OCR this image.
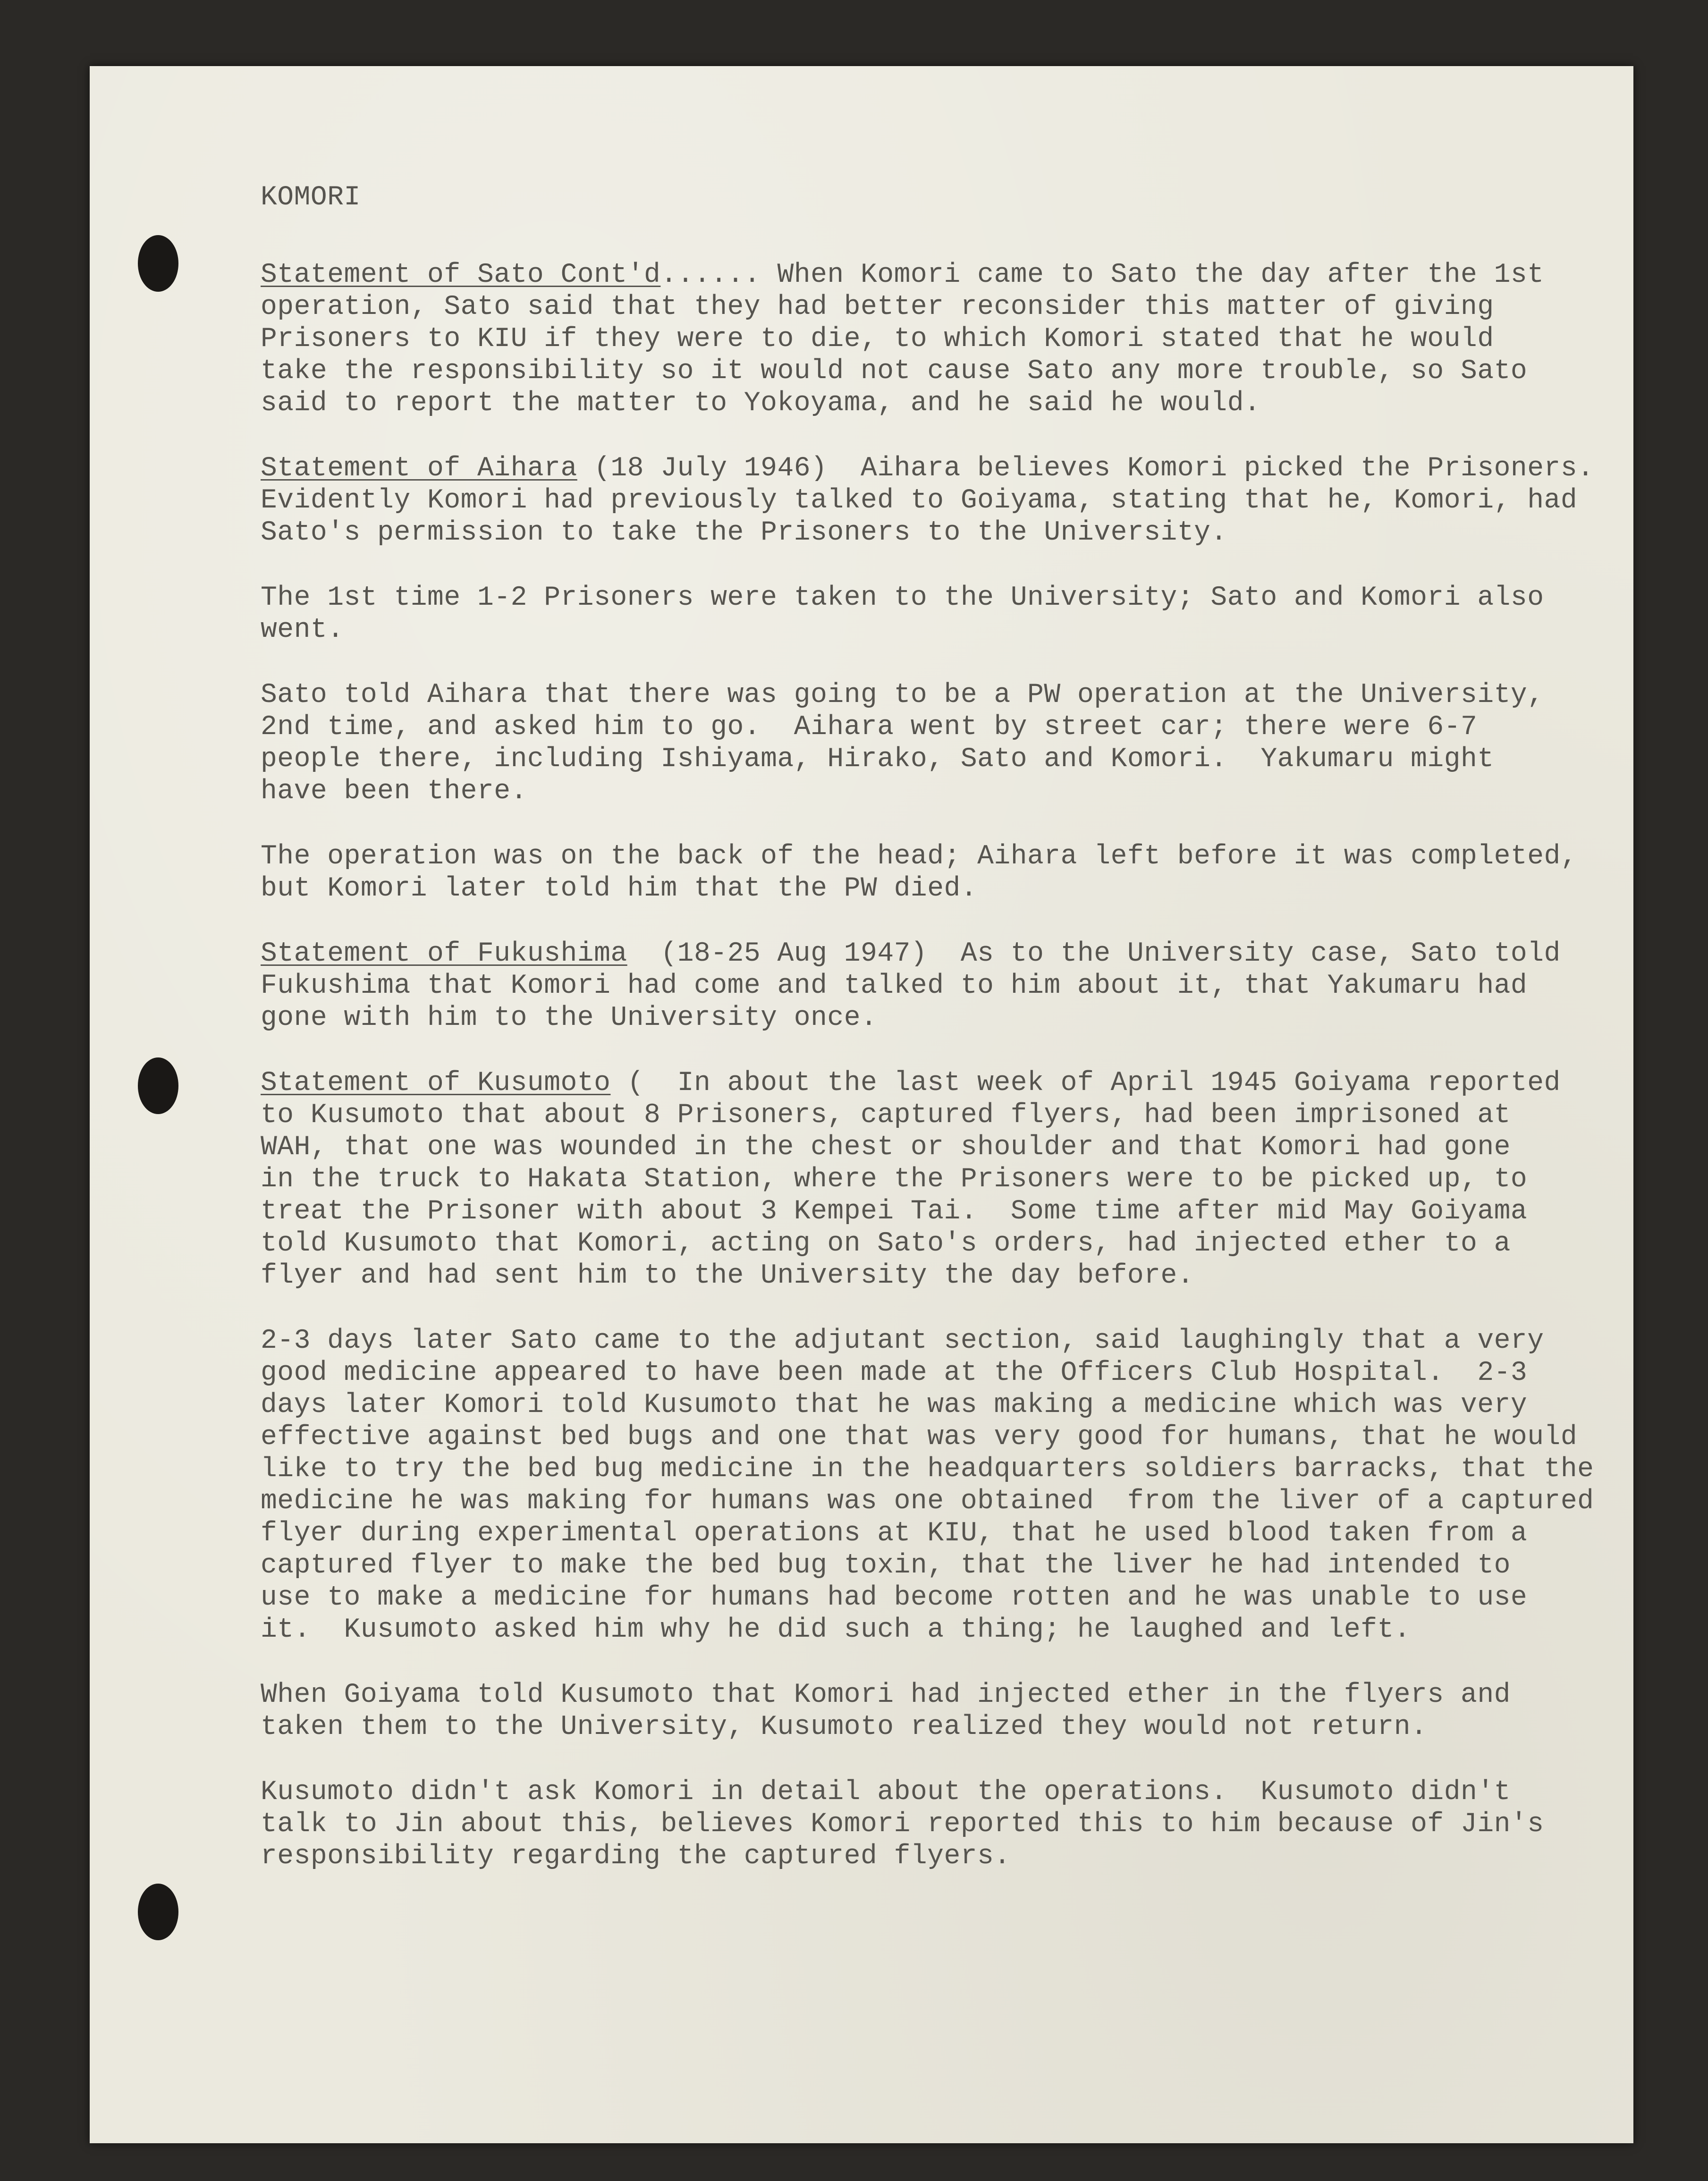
KOMORI

Statement of Sato Cont'd...... When Komori came to Sato the day after the 1st
operation, Sato said that they had better reconsider this matter of giving
Prisoners to KIU if they were to die, to which Komori stated that he would
take the responsibility so it would not cause Sato any more trouble, so Sato
said to report the matter to Yokoyama, and he said he would.

Statement of Aihara (18 July 1946)  Aihara believes Komori picked the Prisoners.
Evidently Komori had previously talked to Goiyama, stating that he, Komori, had
Sato's permission to take the Prisoners to the University.

The 1st time 1-2 Prisoners were taken to the University; Sato and Komori also
went.

Sato told Aihara that there was going to be a PW operation at the University,
2nd time, and asked him to go.  Aihara went by street car; there were 6-7
people there, including Ishiyama, Hirako, Sato and Komori.  Yakumaru might
have been there.

The operation was on the back of the head; Aihara left before it was completed,
but Komori later told him that the PW died.

Statement of Fukushima  (18-25 Aug 1947)  As to the University case, Sato told
Fukushima that Komori had come and talked to him about it, that Yakumaru had
gone with him to the University once.

Statement of Kusumoto (  In about the last week of April 1945 Goiyama reported
to Kusumoto that about 8 Prisoners, captured flyers, had been imprisoned at
WAH, that one was wounded in the chest or shoulder and that Komori had gone
in the truck to Hakata Station, where the Prisoners were to be picked up, to
treat the Prisoner with about 3 Kempei Tai.  Some time after mid May Goiyama
told Kusumoto that Komori, acting on Sato's orders, had injected ether to a
flyer and had sent him to the University the day before.

2-3 days later Sato came to the adjutant section, said laughingly that a very
good medicine appeared to have been made at the Officers Club Hospital.  2-3
days later Komori told Kusumoto that he was making a medicine which was very
effective against bed bugs and one that was very good for humans, that he would
like to try the bed bug medicine in the headquarters soldiers barracks, that the
medicine he was making for humans was one obtained  from the liver of a captured
flyer during experimental operations at KIU, that he used blood taken from a
captured flyer to make the bed bug toxin, that the liver he had intended to
use to make a medicine for humans had become rotten and he was unable to use
it.  Kusumoto asked him why he did such a thing; he laughed and left.

When Goiyama told Kusumoto that Komori had injected ether in the flyers and
taken them to the University, Kusumoto realized they would not return.

Kusumoto didn't ask Komori in detail about the operations.  Kusumoto didn't
talk to Jin about this, believes Komori reported this to him because of Jin's
responsibility regarding the captured flyers.
